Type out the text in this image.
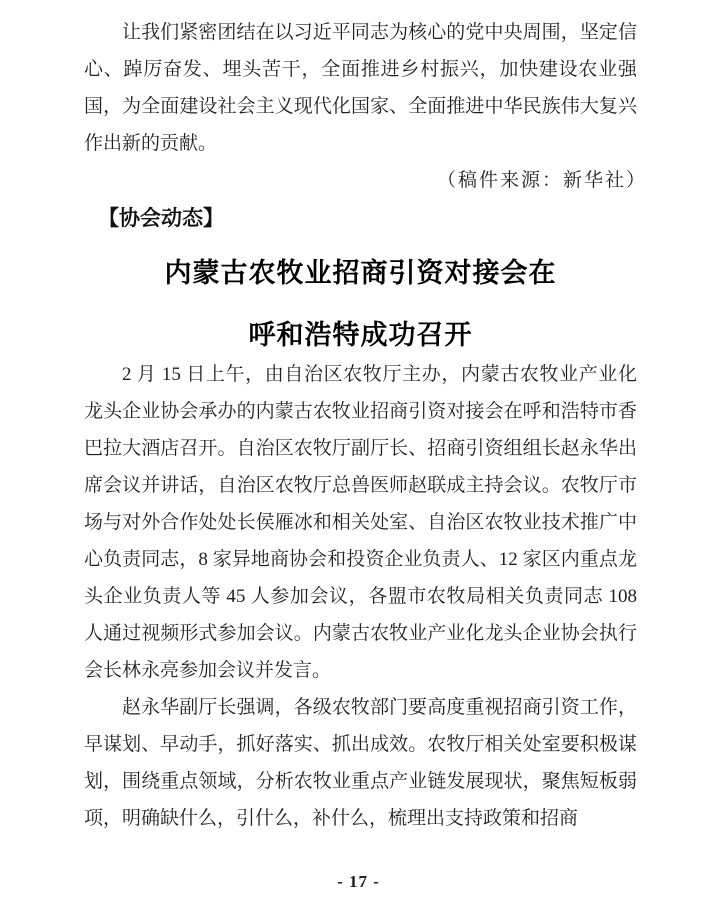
让我们紧密团结在以习近平同志为核心的党中央周围，坚定信心、踔厉奋发、埋头苦干，全面推进乡村振兴，加快建设农业强国，为全面建设社会主义现代化国家、全面推进中华民族伟大复兴作出新的贡献。

（稿件来源：新华社）

【协会动态】
内蒙古农牧业招商引资对接会在
呼和浩特成功召开

2 月 15 日上午，由自治区农牧厅主办，内蒙古农牧业产业化龙头企业协会承办的内蒙古农牧业招商引资对接会在呼和浩特市香巴拉大酒店召开。自治区农牧厅副厅长、招商引资组组长赵永华出席会议并讲话，自治区农牧厅总兽医师赵联成主持会议。农牧厅市场与对外合作处处长侯雁冰和相关处室、自治区农牧业技术推广中心负责同志，8 家异地商协会和投资企业负责人、12 家区内重点龙头企业负责人等 45 人参加会议，各盟市农牧局相关负责同志 108 人通过视频形式参加会议。内蒙古农牧业产业化龙头企业协会执行会长林永亮参加会议并发言。

赵永华副厅长强调，各级农牧部门要高度重视招商引资工作，早谋划、早动手，抓好落实、抓出成效。农牧厅相关处室要积极谋划，围绕重点领域，分析农牧业重点产业链发展现状，聚焦短板弱项，明确缺什么，引什么，补什么，梳理出支持政策和招商

- 17 -
